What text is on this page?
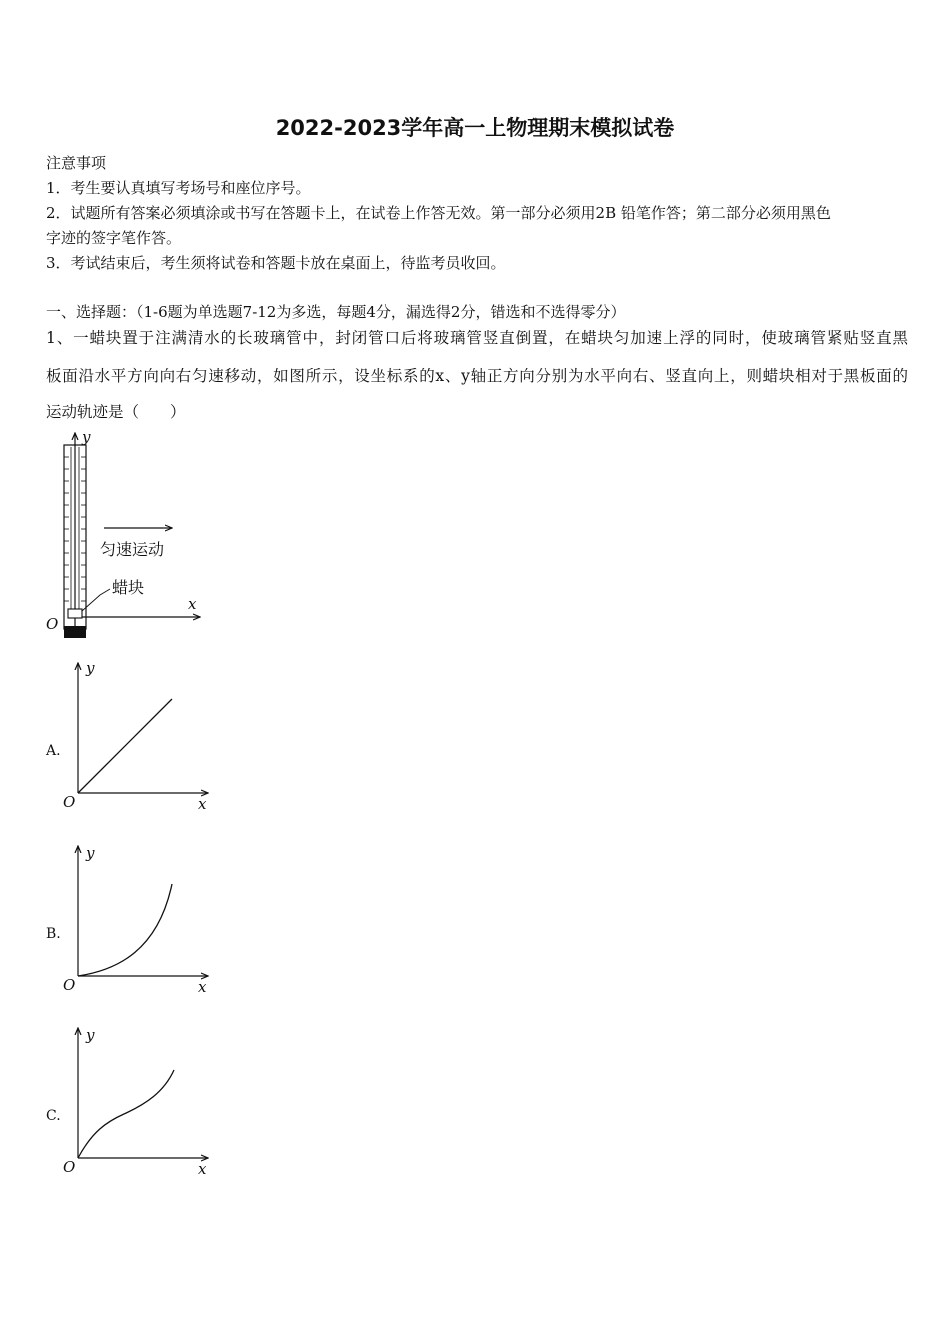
2022-2023学年高一上物理期末模拟试卷
注意事项
1．考生要认真填写考场号和座位序号。
2．试题所有答案必须填涂或书写在答题卡上，在试卷上作答无效。第一部分必须用2B 铅笔作答；第二部分必须用黑色
字迹的签字笔作答。
3．考试结束后，考生须将试卷和答题卡放在桌面上，待监考员收回。
一、选择题：（1-6题为单选题7-12为多选，每题4分，漏选得2分，错选和不选得零分）
1、一蜡块置于注满清水的长玻璃管中，封闭管口后将玻璃管竖直倒置，在蜡块匀加速上浮的同时，使玻璃管紧贴竖直黑
板面沿水平方向向右匀速移动，如图所示，设坐标系的x、y轴正方向分别为水平向右、竖直向上，则蜡块相对于黑板面的
运动轨迹是（　　）
匀速运动
蜡块
y
x
O
A.
y
x
O
B.
y
x
O
C.
y
x
O
